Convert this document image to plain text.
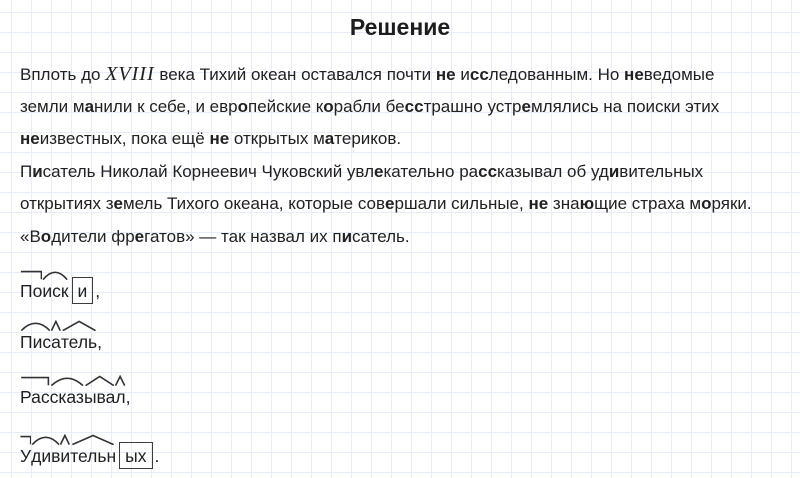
Решение
Вплоть до XVIII века Тихий океан оставался почти не исследованным. Но неведомые
земли манили к себе, и европейские корабли бесстрашно устремлялись на поиски этих
неизвестных, пока ещё не открытых материков.
Писатель Николай Корнеевич Чуковский увлекательно рассказывал об удивительных
открытиях земель Тихого океана, которые совершали сильные, не знающие страха моряки.
«Водители фрегатов» — так назвал их писатель.
По
иск и ,
Пис
а
тель,
Рас
сказ
ыва
л,
У
див
и
тельн ых .
